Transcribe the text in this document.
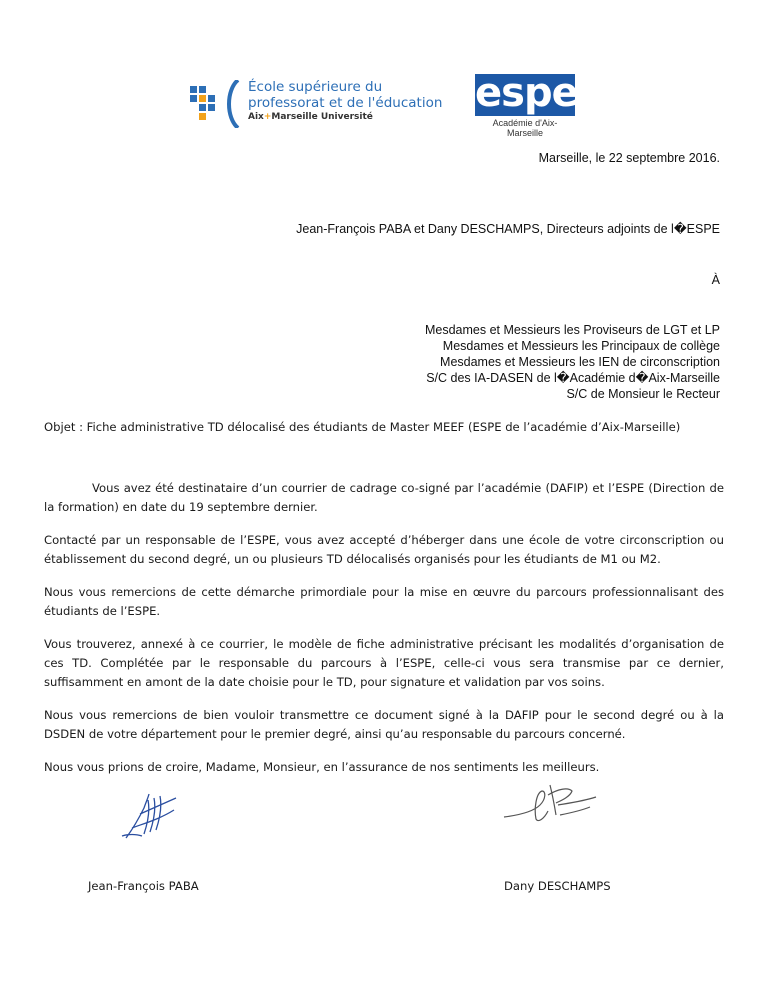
École supérieure du
professorat et de l'éducation
Aix+Marseille Université
espe
Académie d'Aix-Marseille
Marseille, le 22 septembre 2016.
Jean-François PABA et Dany DESCHAMPS, Directeurs adjoints de l�ESPE
À
Mesdames et Messieurs les Proviseurs de LGT et LP
Mesdames et Messieurs les Principaux de collège
Mesdames et Messieurs les IEN de circonscription
S/C des IA-DASEN de l�Académie d�Aix-Marseille
S/C de Monsieur le Recteur
Objet : Fiche administrative TD délocalisé des étudiants de Master MEEF (ESPE de l’académie d’Aix-Marseille)

Vous avez été destinataire d’un courrier de cadrage co-signé par l’académie (DAFIP) et l’ESPE (Direction de la formation) en date du 19 septembre dernier.

Contacté par un responsable de l’ESPE, vous avez accepté d’héberger dans une école de votre circonscription ou établissement du second degré, un ou plusieurs TD délocalisés organisés pour les étudiants de M1 ou M2.

Nous vous remercions de cette démarche primordiale pour la mise en œuvre du parcours professionnalisant des étudiants de l’ESPE.

Vous trouverez, annexé à ce courrier, le modèle de fiche administrative précisant les modalités d’organisation de ces TD. Complétée par le responsable du parcours à l’ESPE, celle-ci vous sera transmise par ce dernier, suffisamment en amont de la date choisie pour le TD, pour signature et validation par vos soins.

Nous vous remercions de bien vouloir transmettre ce document signé à la DAFIP pour le second degré ou à la DSDEN de votre département pour le premier degré, ainsi qu’au responsable du parcours concerné.

Nous vous prions de croire, Madame, Monsieur, en l’assurance de nos sentiments les meilleurs.

Jean-François PABA	Dany DESCHAMPS
